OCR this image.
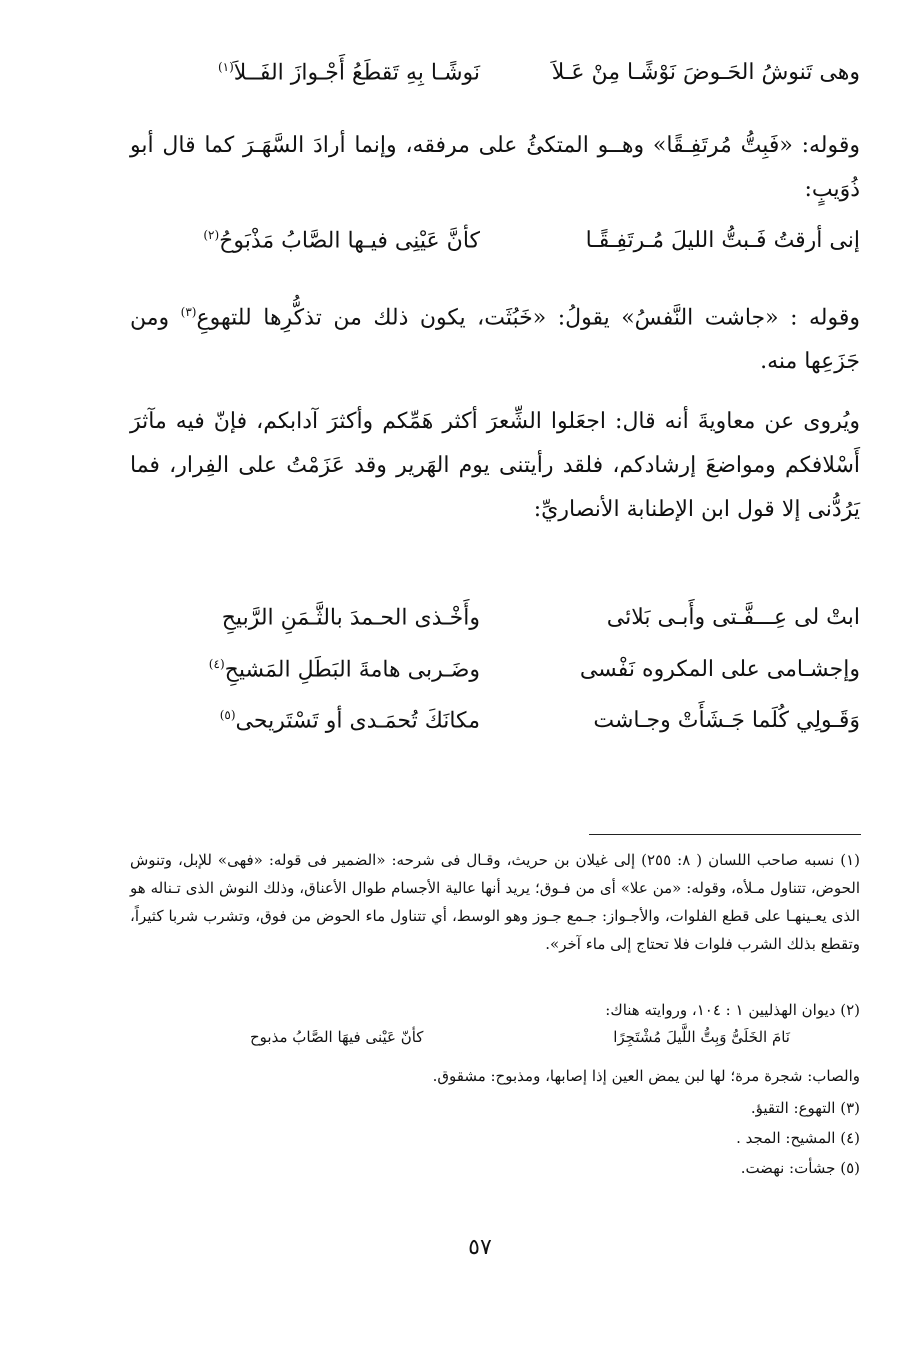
وهى تَنوشُ الحَـوضَ نَوْشًـا مِنْ عَـلاَ
نَوشًـا بِهِ تَقطَعُ أَجْـوازَ الفَــلاَ$^{(١)}$
وقوله: «فَبِتُّ مُرتَفِـقًا» وهــو المتكئُ على مرفقه، وإنما أرادَ السَّهَـرَ كما قال أبو ذُوَيبٍ:
إنى أرقتُ فَـبتُّ الليلَ مُـرتَفِـقًـا
كأنَّ عَيْنِى فيـها الصَّابُ مَذْبَوحُ$^{(٢)}$
وقوله : «جاشت النَّفسُ» يقولُ: «خَبُثَت، يكون ذلك من تذكُّرِها للتهوعِ$^{(٣)}$ ومن جَزَعِها منه.
ويُروى عن معاويةَ أنه قال: اجعَلوا الشِّعرَ أكثر هَمِّكم وأكثرَ آدابكم، فإنّ فيه مآثرَ أَسْلافكم ومواضعَ إرشادكم، فلقد رأيتنى يوم الهَرير وقد عَزَمْتُ على الفِرار، فما يَرُدُّنى إلا قول ابن الإطنابة الأنصاريِّ:
ابتْ لى عِـــفَّـتى وأَبـى بَلائى
وأَخْـذى الحـمدَ بالثَّـمَنِ الرَّبيحِ
وإجشـامى على المكروه نَفْسى
وضَـربى هامةَ البَطَلِ المَشيحِ$^{(٤)}$
وَقَـولِي كُلَما جَـشَأَتْ وجـاشت
مكانَكَ تُحمَـدى أو تَسْتَريحى$^{(٥)}$
(١) نسبه صاحب اللسان ( ٨: ٢٥٥) إلى غيلان بن حريث، وقـال فى شرحه: «الضمير فى قوله: «فهى» للإبل، وتنوش الحوض، تتناول مـلأه، وقوله: «من علا» أى من فـوق؛ يريد أنها عالية الأجسام طوال الأعناق، وذلك النوش الذى تـناله هو الذى يعـينهـا على قطع الفلوات، والأجـواز: جـمع جـوز وهو الوسط، أي تتناول ماء الحوض من فوق، وتشرب شربا كثيراً، وتقطع بذلك الشرب فلوات فلا تحتاج إلى ماء آخر».
(٢) ديوان الهذليين ١ : ١٠٤، وروايته هناك:
نَامَ الخَلَىُّ وَبِتُّ اللَّيلَ مُشْتَجِرًا
كأنّ عَيْنى فيهَا الصَّابُ مذبوح
والصاب: شجرة مرة؛ لها لبن يمض العين إذا إصابها، ومذبوح: مشقوق.
(٣) التهوع: التقيؤ.
(٤) المشيح: المجد .
(٥) جشأت: نهضت.
٥٧
